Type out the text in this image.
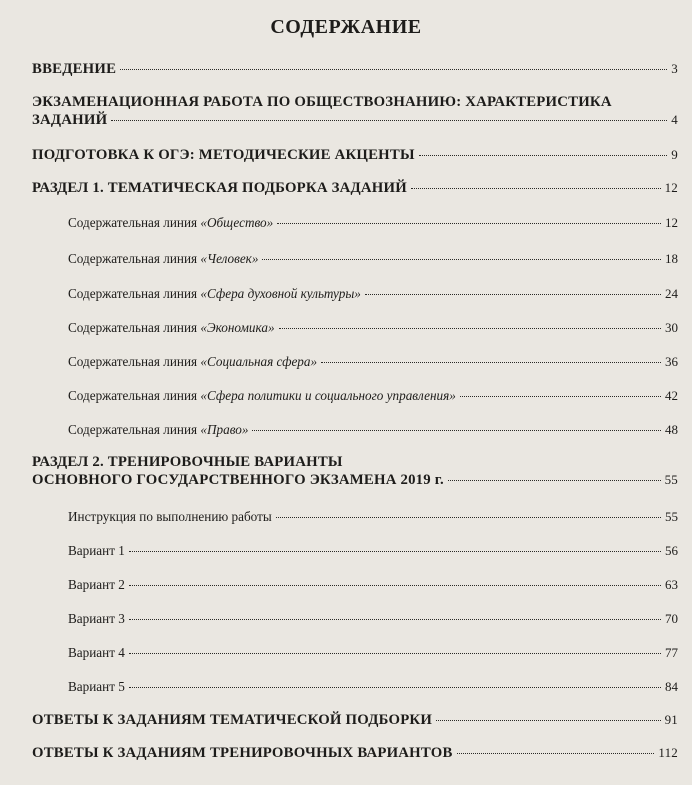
СОДЕРЖАНИЕ
ВВЕДЕНИЕ	3
ЭКЗАМЕНАЦИОННАЯ РАБОТА ПО ОБЩЕСТВОЗНАНИЮ: ХАРАКТЕРИСТИКА
ЗАДАНИЙ	4
ПОДГОТОВКА К ОГЭ: МЕТОДИЧЕСКИЕ АКЦЕНТЫ	9
РАЗДЕЛ 1. ТЕМАТИЧЕСКАЯ ПОДБОРКА ЗАДАНИЙ	12
Содержательная линия «Общество»	12
Содержательная линия «Человек»	18
Содержательная линия «Сфера духовной культуры»	24
Содержательная линия «Экономика»	30
Содержательная линия «Социальная сфера»	36
Содержательная линия «Сфера политики и социального управления»	42
Содержательная линия «Право»	48
РАЗДЕЛ 2. ТРЕНИРОВОЧНЫЕ ВАРИАНТЫ
ОСНОВНОГО ГОСУДАРСТВЕННОГО ЭКЗАМЕНА 2019 г.	55
Инструкция по выполнению работы	55
Вариант 1	56
Вариант 2	63
Вариант 3	70
Вариант 4	77
Вариант 5	84
ОТВЕТЫ К ЗАДАНИЯМ ТЕМАТИЧЕСКОЙ ПОДБОРКИ	91
ОТВЕТЫ К ЗАДАНИЯМ ТРЕНИРОВОЧНЫХ ВАРИАНТОВ	112
